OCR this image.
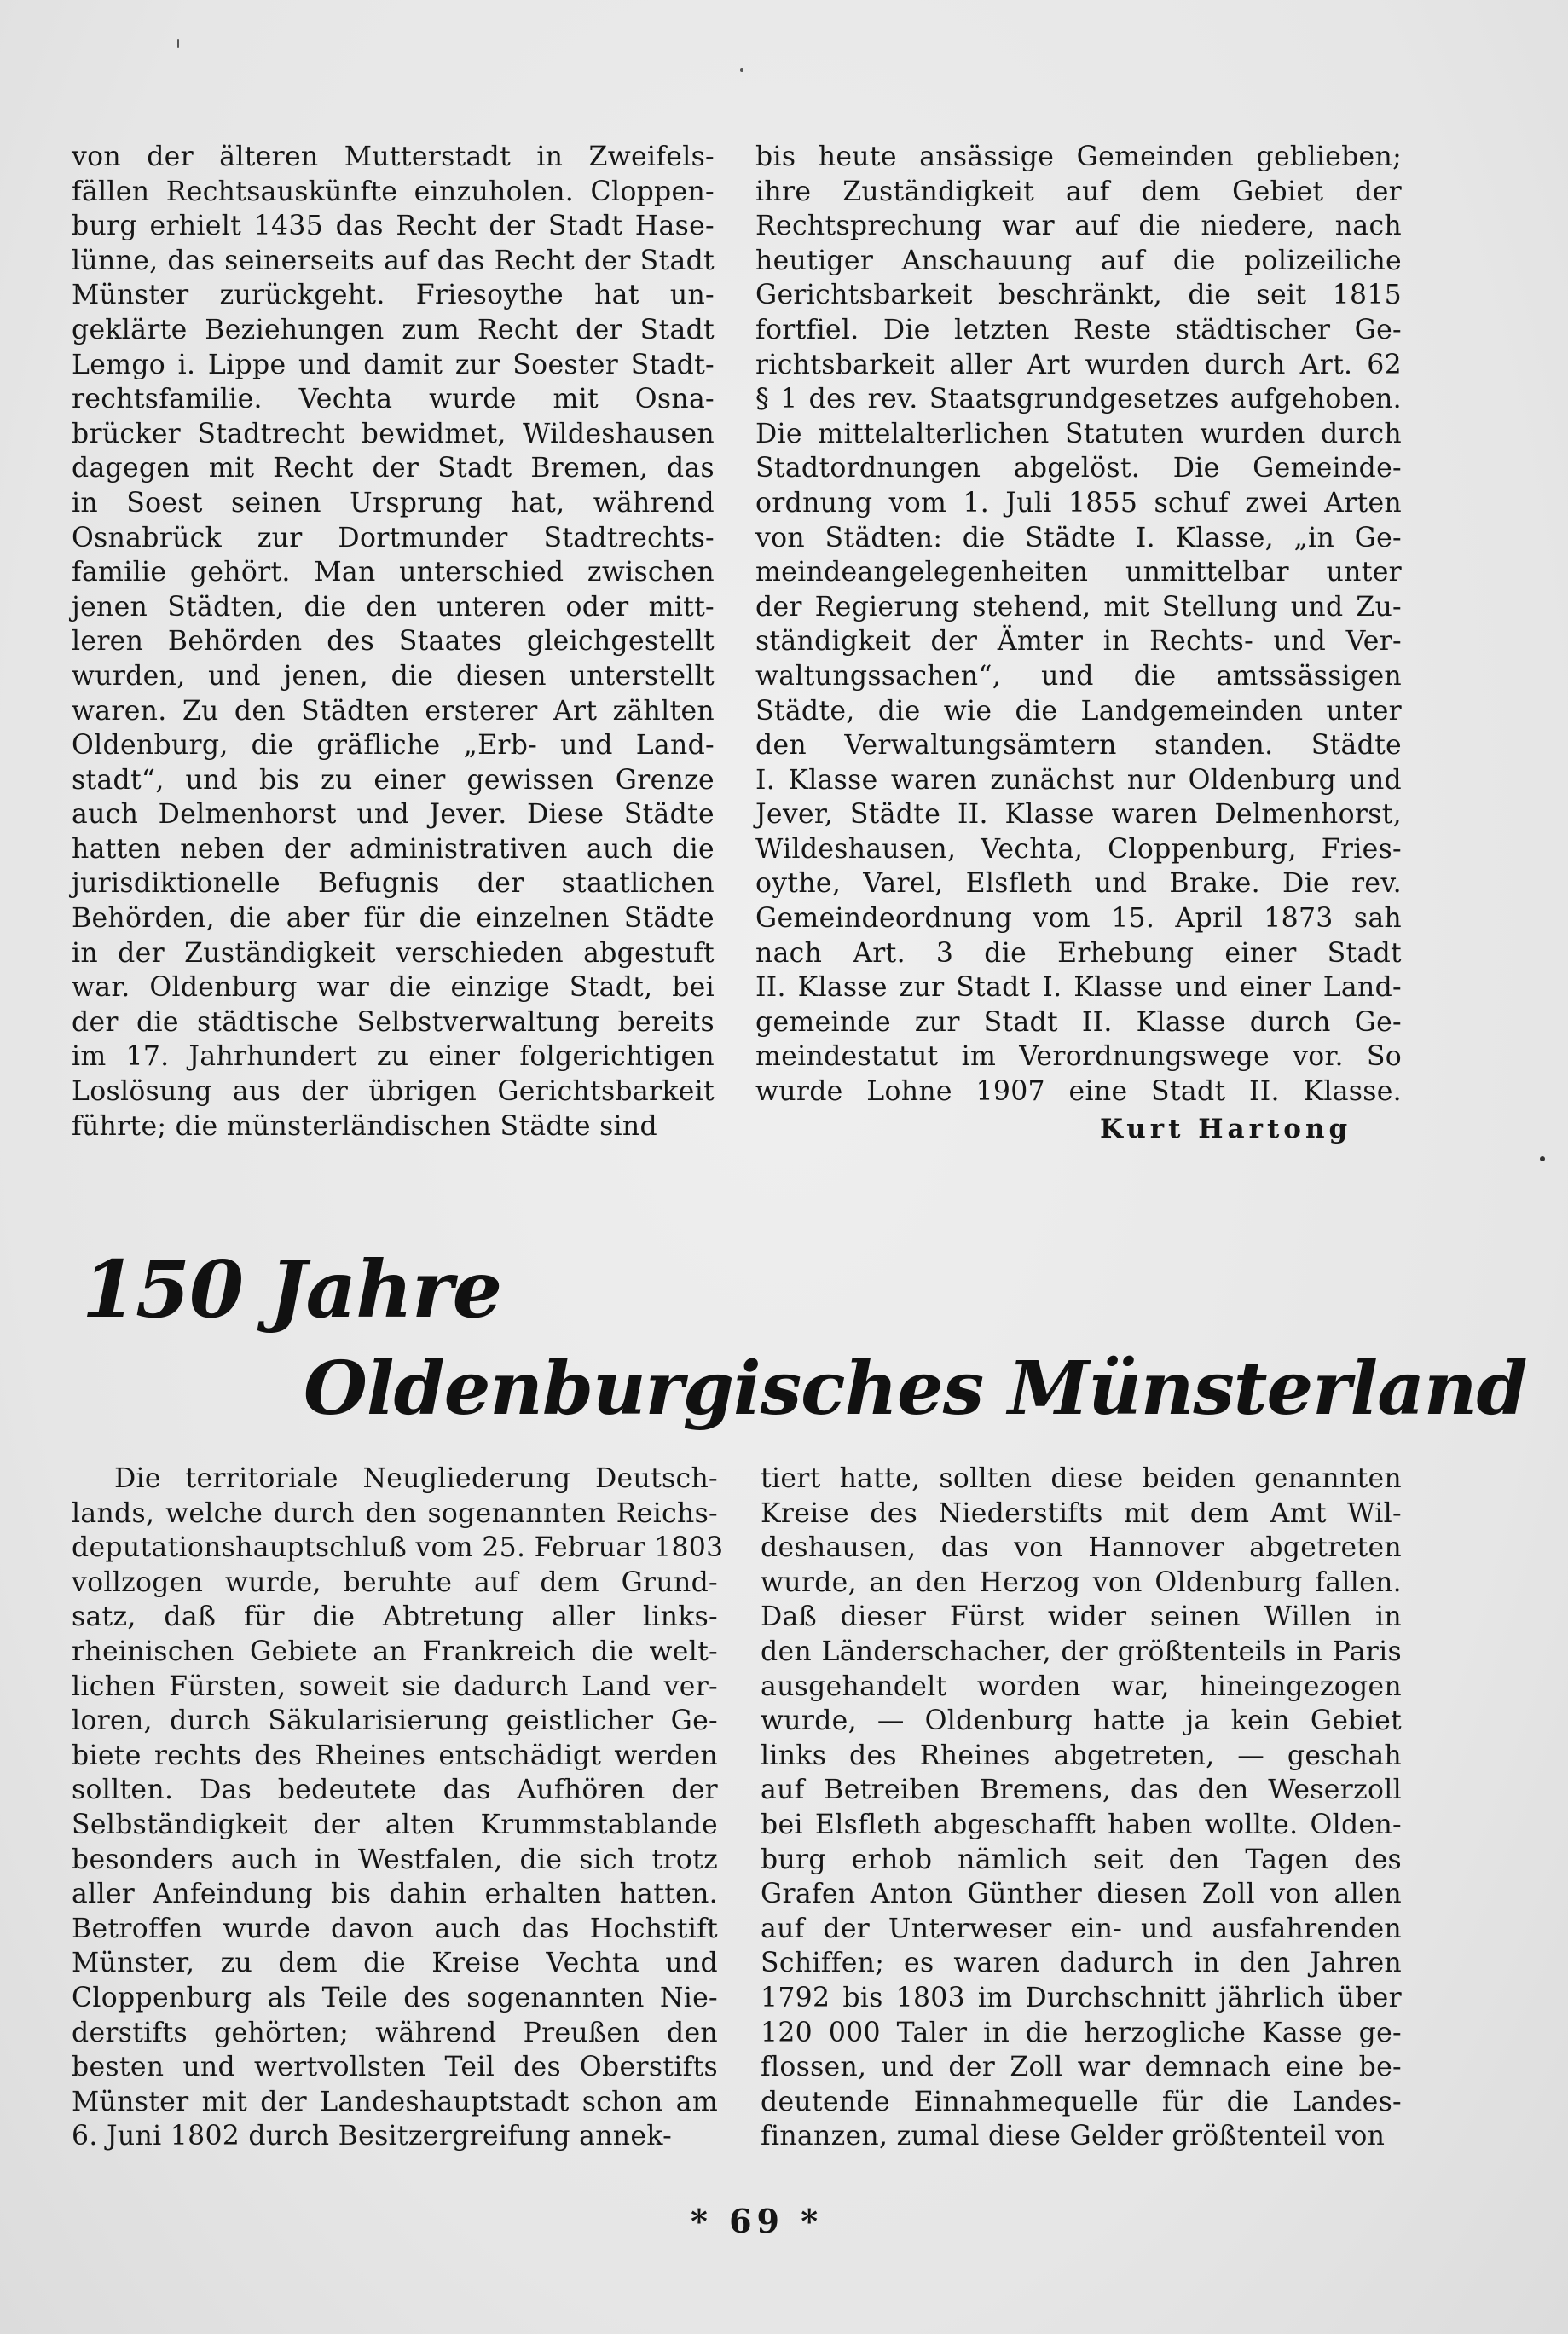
von der älteren Mutterstadt in Zweifels-
fällen Rechtsauskünfte einzuholen. Cloppen-
burg erhielt 1435 das Recht der Stadt Hase-
lünne, das seinerseits auf das Recht der Stadt
Münster zurückgeht. Friesoythe hat un-
geklärte Beziehungen zum Recht der Stadt
Lemgo i. Lippe und damit zur Soester Stadt-
rechtsfamilie. Vechta wurde mit Osna-
brücker Stadtrecht bewidmet, Wildeshausen
dagegen mit Recht der Stadt Bremen, das
in Soest seinen Ursprung hat, während
Osnabrück zur Dortmunder Stadtrechts-
familie gehört. Man unterschied zwischen
jenen Städten, die den unteren oder mitt-
leren Behörden des Staates gleichgestellt
wurden, und jenen, die diesen unterstellt
waren. Zu den Städten ersterer Art zählten
Oldenburg, die gräfliche „Erb- und Land-
stadt“, und bis zu einer gewissen Grenze
auch Delmenhorst und Jever. Diese Städte
hatten neben der administrativen auch die
jurisdiktionelle Befugnis der staatlichen
Behörden, die aber für die einzelnen Städte
in der Zuständigkeit verschieden abgestuft
war. Oldenburg war die einzige Stadt, bei
der die städtische Selbstverwaltung bereits
im 17. Jahrhundert zu einer folgerichtigen
Loslösung aus der übrigen Gerichtsbarkeit
führte; die münsterländischen Städte sind
bis heute ansässige Gemeinden geblieben;
ihre Zuständigkeit auf dem Gebiet der
Rechtsprechung war auf die niedere, nach
heutiger Anschauung auf die polizeiliche
Gerichtsbarkeit beschränkt, die seit 1815
fortfiel. Die letzten Reste städtischer Ge-
richtsbarkeit aller Art wurden durch Art. 62
§ 1 des rev. Staatsgrundgesetzes aufgehoben.
Die mittelalterlichen Statuten wurden durch
Stadtordnungen abgelöst. Die Gemeinde-
ordnung vom 1. Juli 1855 schuf zwei Arten
von Städten: die Städte I. Klasse, „in Ge-
meindeangelegenheiten unmittelbar unter
der Regierung stehend, mit Stellung und Zu-
ständigkeit der Ämter in Rechts- und Ver-
waltungssachen“, und die amtssässigen
Städte, die wie die Landgemeinden unter
den Verwaltungsämtern standen. Städte
I. Klasse waren zunächst nur Oldenburg und
Jever, Städte II. Klasse waren Delmenhorst,
Wildeshausen, Vechta, Cloppenburg, Fries-
oythe, Varel, Elsfleth und Brake. Die rev.
Gemeindeordnung vom 15. April 1873 sah
nach Art. 3 die Erhebung einer Stadt
II. Klasse zur Stadt I. Klasse und einer Land-
gemeinde zur Stadt II. Klasse durch Ge-
meindestatut im Verordnungswege vor. So
wurde Lohne 1907 eine Stadt II. Klasse.
Kurt Hartong
150 Jahre
Oldenburgisches Münsterland
Die territoriale Neugliederung Deutsch-
lands, welche durch den sogenannten Reichs-
deputationshauptschluß vom 25. Februar 1803
vollzogen wurde, beruhte auf dem Grund-
satz, daß für die Abtretung aller links-
rheinischen Gebiete an Frankreich die welt-
lichen Fürsten, soweit sie dadurch Land ver-
loren, durch Säkularisierung geistlicher Ge-
biete rechts des Rheines entschädigt werden
sollten. Das bedeutete das Aufhören der
Selbständigkeit der alten Krummstablande
besonders auch in Westfalen, die sich trotz
aller Anfeindung bis dahin erhalten hatten.
Betroffen wurde davon auch das Hochstift
Münster, zu dem die Kreise Vechta und
Cloppenburg als Teile des sogenannten Nie-
derstifts gehörten; während Preußen den
besten und wertvollsten Teil des Oberstifts
Münster mit der Landeshauptstadt schon am
6. Juni 1802 durch Besitzergreifung annek-
tiert hatte, sollten diese beiden genannten
Kreise des Niederstifts mit dem Amt Wil-
deshausen, das von Hannover abgetreten
wurde, an den Herzog von Oldenburg fallen.
Daß dieser Fürst wider seinen Willen in
den Länderschacher, der größtenteils in Paris
ausgehandelt worden war, hineingezogen
wurde, — Oldenburg hatte ja kein Gebiet
links des Rheines abgetreten, — geschah
auf Betreiben Bremens, das den Weserzoll
bei Elsfleth abgeschafft haben wollte. Olden-
burg erhob nämlich seit den Tagen des
Grafen Anton Günther diesen Zoll von allen
auf der Unterweser ein- und ausfahrenden
Schiffen; es waren dadurch in den Jahren
1792 bis 1803 im Durchschnitt jährlich über
120 000 Taler in die herzogliche Kasse ge-
flossen, und der Zoll war demnach eine be-
deutende Einnahmequelle für die Landes-
finanzen, zumal diese Gelder größtenteil von
* 69 *
